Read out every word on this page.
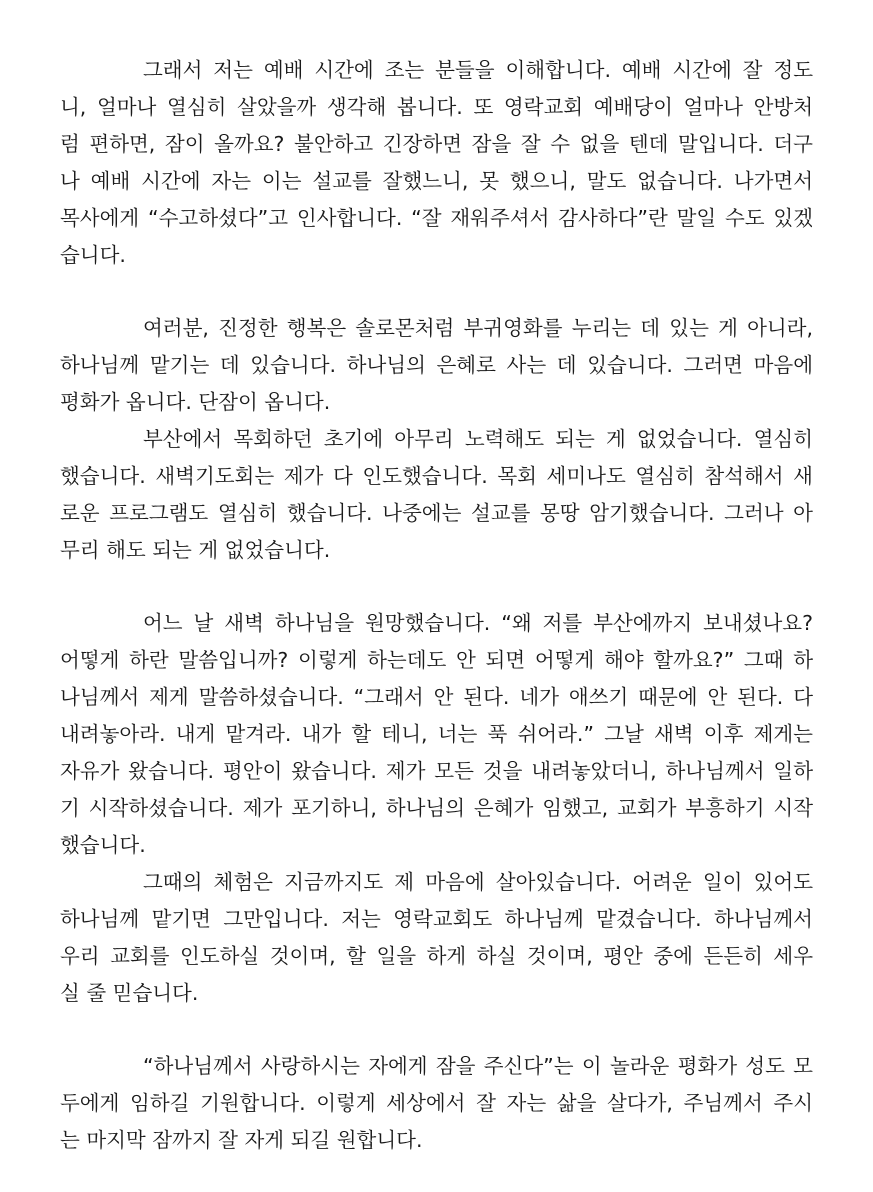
그래서 저는 예배 시간에 조는 분들을 이해합니다. 예배 시간에 잘 정도
니, 얼마나 열심히 살았을까 생각해 봅니다. 또 영락교회 예배당이 얼마나 안방처
럼 편하면, 잠이 올까요? 불안하고 긴장하면 잠을 잘 수 없을 텐데 말입니다. 더구
나 예배 시간에 자는 이는 설교를 잘했느니, 못 했으니, 말도 없습니다. 나가면서
목사에게 “수고하셨다”고 인사합니다. “잘 재워주셔서 감사하다”란 말일 수도 있겠
습니다.
여러분, 진정한 행복은 솔로몬처럼 부귀영화를 누리는 데 있는 게 아니라,
하나님께 맡기는 데 있습니다. 하나님의 은혜로 사는 데 있습니다. 그러면 마음에
평화가 옵니다. 단잠이 옵니다.
부산에서 목회하던 초기에 아무리 노력해도 되는 게 없었습니다. 열심히
했습니다. 새벽기도회는 제가 다 인도했습니다. 목회 세미나도 열심히 참석해서 새
로운 프로그램도 열심히 했습니다. 나중에는 설교를 몽땅 암기했습니다. 그러나 아
무리 해도 되는 게 없었습니다.
어느 날 새벽 하나님을 원망했습니다. “왜 저를 부산에까지 보내셨나요?
어떻게 하란 말씀입니까? 이렇게 하는데도 안 되면 어떻게 해야 할까요?” 그때 하
나님께서 제게 말씀하셨습니다. “그래서 안 된다. 네가 애쓰기 때문에 안 된다. 다
내려놓아라. 내게 맡겨라. 내가 할 테니, 너는 푹 쉬어라.” 그날 새벽 이후 제게는
자유가 왔습니다. 평안이 왔습니다. 제가 모든 것을 내려놓았더니, 하나님께서 일하
기 시작하셨습니다. 제가 포기하니, 하나님의 은혜가 임했고, 교회가 부흥하기 시작
했습니다.
그때의 체험은 지금까지도 제 마음에 살아있습니다. 어려운 일이 있어도
하나님께 맡기면 그만입니다. 저는 영락교회도 하나님께 맡겼습니다. 하나님께서
우리 교회를 인도하실 것이며, 할 일을 하게 하실 것이며, 평안 중에 든든히 세우
실 줄 믿습니다.
“하나님께서 사랑하시는 자에게 잠을 주신다”는 이 놀라운 평화가 성도 모
두에게 임하길 기원합니다. 이렇게 세상에서 잘 자는 삶을 살다가, 주님께서 주시
는 마지막 잠까지 잘 자게 되길 원합니다.
